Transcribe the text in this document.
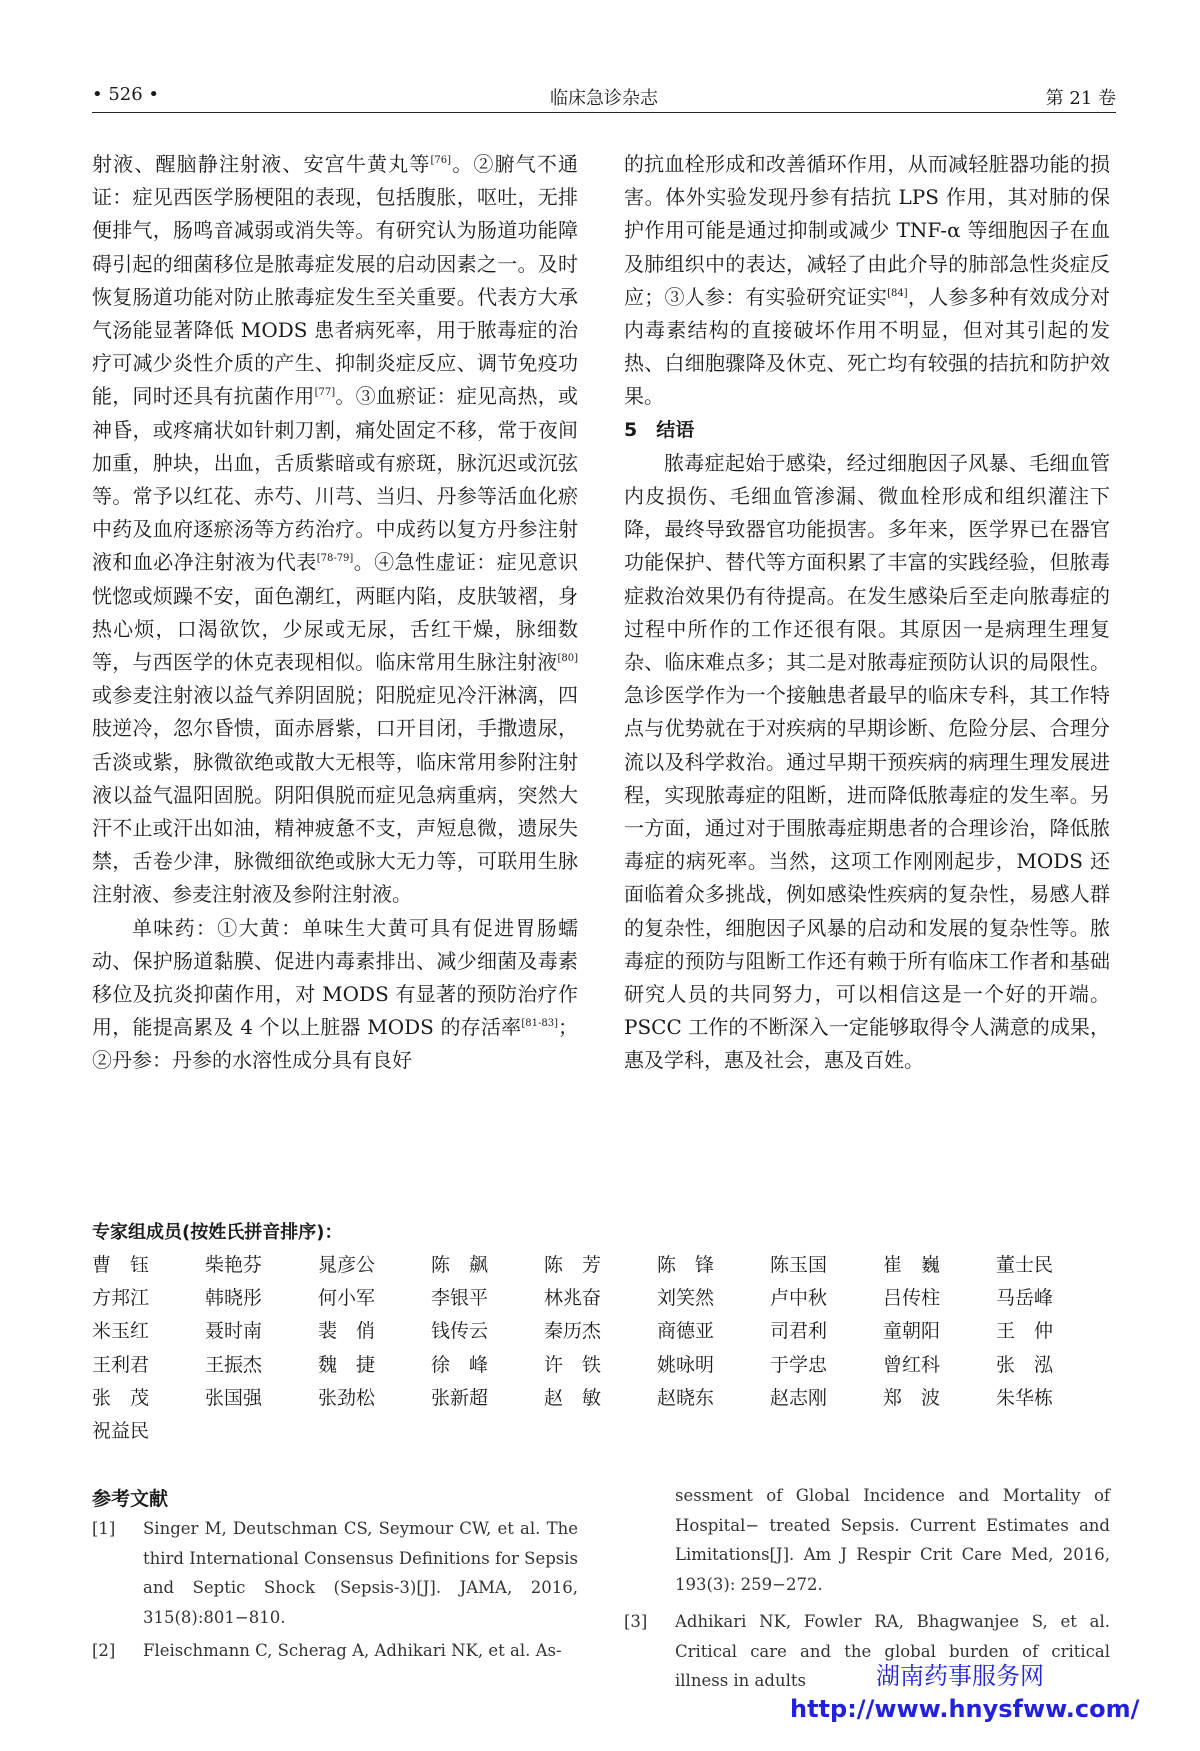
• 526 •	临床急诊杂志	第 21 卷

射液、醒脑静注射液、安宫牛黄丸等[76]。②腑气不通证：症见西医学肠梗阻的表现，包括腹胀，呕吐，无排便排气，肠鸣音减弱或消失等。有研究认为肠道功能障碍引起的细菌移位是脓毒症发展的启动因素之一。及时恢复肠道功能对防止脓毒症发生至关重要。代表方大承气汤能显著降低 MODS 患者病死率，用于脓毒症的治疗可减少炎性介质的产生、抑制炎症反应、调节免疫功能，同时还具有抗菌作用[77]。③血瘀证：症见高热，或神昏，或疼痛状如针刺刀割，痛处固定不移，常于夜间加重，肿块，出血，舌质紫暗或有瘀斑，脉沉迟或沉弦等。常予以红花、赤芍、川芎、当归、丹参等活血化瘀中药及血府逐瘀汤等方药治疗。中成药以复方丹参注射液和血必净注射液为代表[78-79]。④急性虚证：症见意识恍惚或烦躁不安，面色潮红，两眶内陷，皮肤皱褶，身热心烦，口渴欲饮，少尿或无尿，舌红干燥，脉细数等，与西医学的休克表现相似。临床常用生脉注射液[80]或参麦注射液以益气养阴固脱；阳脱症见冷汗淋漓，四肢逆冷，忽尔昏愦，面赤唇紫，口开目闭，手撒遗尿，舌淡或紫，脉微欲绝或散大无根等，临床常用参附注射液以益气温阳固脱。阴阳俱脱而症见急病重病，突然大汗不止或汗出如油，精神疲惫不支，声短息微，遗尿失禁，舌卷少津，脉微细欲绝或脉大无力等，可联用生脉注射液、参麦注射液及参附注射液。

单味药：①大黄：单味生大黄可具有促进胃肠蠕动、保护肠道黏膜、促进内毒素排出、减少细菌及毒素移位及抗炎抑菌作用，对 MODS 有显著的预防治疗作用，能提高累及 4 个以上脏器 MODS 的存活率[81-83]；②丹参：丹参的水溶性成分具有良好

的抗血栓形成和改善循环作用，从而减轻脏器功能的损害。体外实验发现丹参有拮抗 LPS 作用，其对肺的保护作用可能是通过抑制或减少 TNF-α 等细胞因子在血及肺组织中的表达，减轻了由此介导的肺部急性炎症反应；③人参：有实验研究证实[84]，人参多种有效成分对内毒素结构的直接破坏作用不明显，但对其引起的发热、白细胞骤降及休克、死亡均有较强的拮抗和防护效果。

5　结语

脓毒症起始于感染，经过细胞因子风暴、毛细血管内皮损伤、毛细血管渗漏、微血栓形成和组织灌注下降，最终导致器官功能损害。多年来，医学界已在器官功能保护、替代等方面积累了丰富的实践经验，但脓毒症救治效果仍有待提高。在发生感染后至走向脓毒症的过程中所作的工作还很有限。其原因一是病理生理复杂、临床难点多；其二是对脓毒症预防认识的局限性。急诊医学作为一个接触患者最早的临床专科，其工作特点与优势就在于对疾病的早期诊断、危险分层、合理分流以及科学救治。通过早期干预疾病的病理生理发展进程，实现脓毒症的阻断，进而降低脓毒症的发生率。另一方面，通过对于围脓毒症期患者的合理诊治，降低脓毒症的病死率。当然，这项工作刚刚起步，MODS 还面临着众多挑战，例如感染性疾病的复杂性，易感人群的复杂性，细胞因子风暴的启动和发展的复杂性等。脓毒症的预防与阻断工作还有赖于所有临床工作者和基础研究人员的共同努力，可以相信这是一个好的开端。PSCC 工作的不断深入一定能够取得令人满意的成果，惠及学科，惠及社会，惠及百姓。

专家组成员(按姓氏拼音排序)：
曹　钰	柴艳芬	晁彦公	陈　飙	陈　芳	陈　锋	陈玉国	崔　巍	董士民
方邦江	韩晓彤	何小军	李银平	林兆奋	刘笑然	卢中秋	吕传柱	马岳峰
米玉红	聂时南	裴　俏	钱传云	秦历杰	商德亚	司君利	童朝阳	王　仲
王利君	王振杰	魏　捷	徐　峰	许　铁	姚咏明	于学忠	曾红科	张　泓
张　茂	张国强	张劲松	张新超	赵　敏	赵晓东	赵志刚	郑　波	朱华栋
祝益民
参考文献
[1] Singer M, Deutschman CS, Seymour CW, et al. The third International Consensus Definitions for Sepsis and Septic Shock (Sepsis-3)[J]. JAMA, 2016, 315(8):801−810.
[2] Fleischmann C, Scherag A, Adhikari NK, et al. As-
sessment of Global Incidence and Mortality of Hospital− treated Sepsis. Current Estimates and Limitations[J]. Am J Respir Crit Care Med, 2016, 193(3): 259−272.
[3] Adhikari NK, Fowler RA, Bhagwanjee S, et al. Critical care and the global burden of critical illness in adults	湖南药事服务网
http://www.hnysfww.com/
